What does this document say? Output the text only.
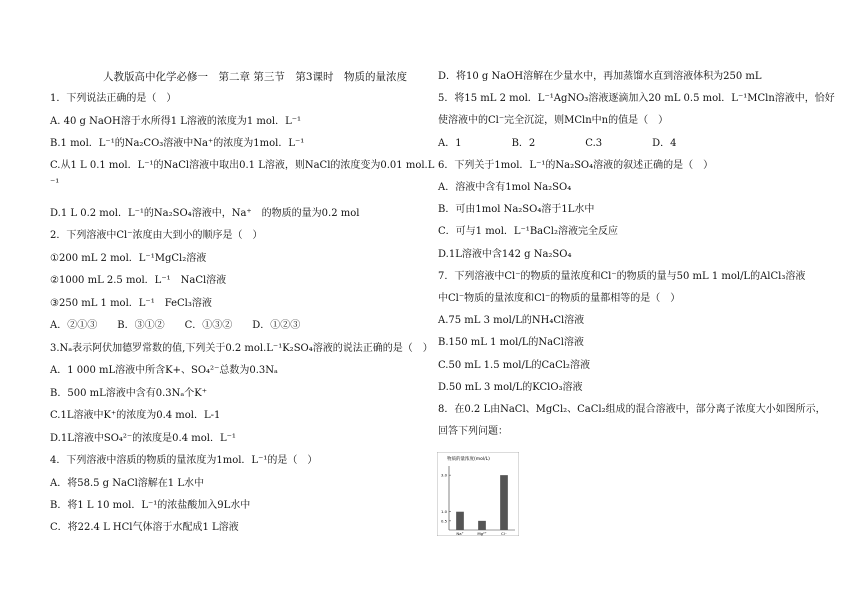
人教版高中化学必修一　第二章 第三节　第3课时　物质的量浓度
1．下列说法正确的是（　）
A. 40 g NaOH溶于水所得1 L溶液的浓度为1 mol．L⁻¹
B.1 mol．L⁻¹的Na₂CO₃溶液中Na⁺的浓度为1mol．L⁻¹
C.从1 L 0.1 mol．L⁻¹的NaCl溶液中取出0.1 L溶液，则NaCl的浓度变为0.01 mol.L
⁻¹
D.1 L 0.2 mol．L⁻¹的Na₂SO₄溶液中，Na⁺　的物质的量为0.2 mol
2．下列溶液中Cl⁻浓度由大到小的顺序是（　）
①200 mL 2 mol．L⁻¹MgCl₂溶液
②1000 mL 2.5 mol．L⁻¹　NaCl溶液
③250 mL 1 mol．L⁻¹　FeCl₃溶液
A．②①③　　B．③①②　　C．①③②　　D．①②③
3.Nₐ表示阿伏加德罗常数的值,下列关于0.2 mol.L⁻¹K₂SO₄溶液的说法正确的是（　）
A．1 000 mL溶液中所含K+、SO₄²⁻总数为0.3Nₐ
B．500 mL溶液中含有0.3Nₐ个K⁺
C.1L溶液中K⁺的浓度为0.4 mol．L-1
D.1L溶液中SO₄²⁻的浓度是0.4 mol．L⁻¹
4．下列溶液中溶质的物质的量浓度为1mol．L⁻¹的是（　）
A．将58.5 g NaCl溶解在1 L水中
B．将1 L 10 mol．L⁻¹的浓盐酸加入9L水中
C．将22.4 L HCl气体溶于水配成1 L溶液
D．将10 g NaOH溶解在少量水中，再加蒸馏水直到溶液体积为250 mL
5．将15 mL 2 mol．L⁻¹AgNO₃溶液逐滴加入20 mL 0.5 mol．L⁻¹MCln溶液中，恰好
使溶液中的Cl⁻完全沉淀，则MCln中n的值是（　）
A．1　　　　　B．2　　　　　C.3　　　　　D．4
6．下列关于1mol．L⁻¹的Na₂SO₄溶液的叙述正确的是（　）
A．溶液中含有1mol Na₂SO₄
B．可由1mol Na₂SO₄溶于1L水中
C．可与1 mol．L⁻¹BaCl₂溶液完全反应
D.1L溶液中含142 g Na₂SO₄
7．下列溶液中Cl⁻的物质的量浓度和Cl⁻的物质的量与50 mL 1 mol/L的AlCl₃溶液
中Cl⁻物质的量浓度和Cl⁻的物质的量都相等的是（　）
A.75 mL 3 mol/L的NH₄Cl溶液
B.150 mL 1 mol/L的NaCl溶液
C.50 mL 1.5 mol/L的CaCl₂溶液
D.50 mL 3 mol/L的KClO₃溶液
8．在0.2 L由NaCl、MgCl₂、CaCl₂组成的混合溶液中，部分离子浓度大小如图所示，
回答下列问题：
物质的量浓度(mol/L)
Na⁺	Mg²⁺	Cl⁻
3.0
1.0
0.5
